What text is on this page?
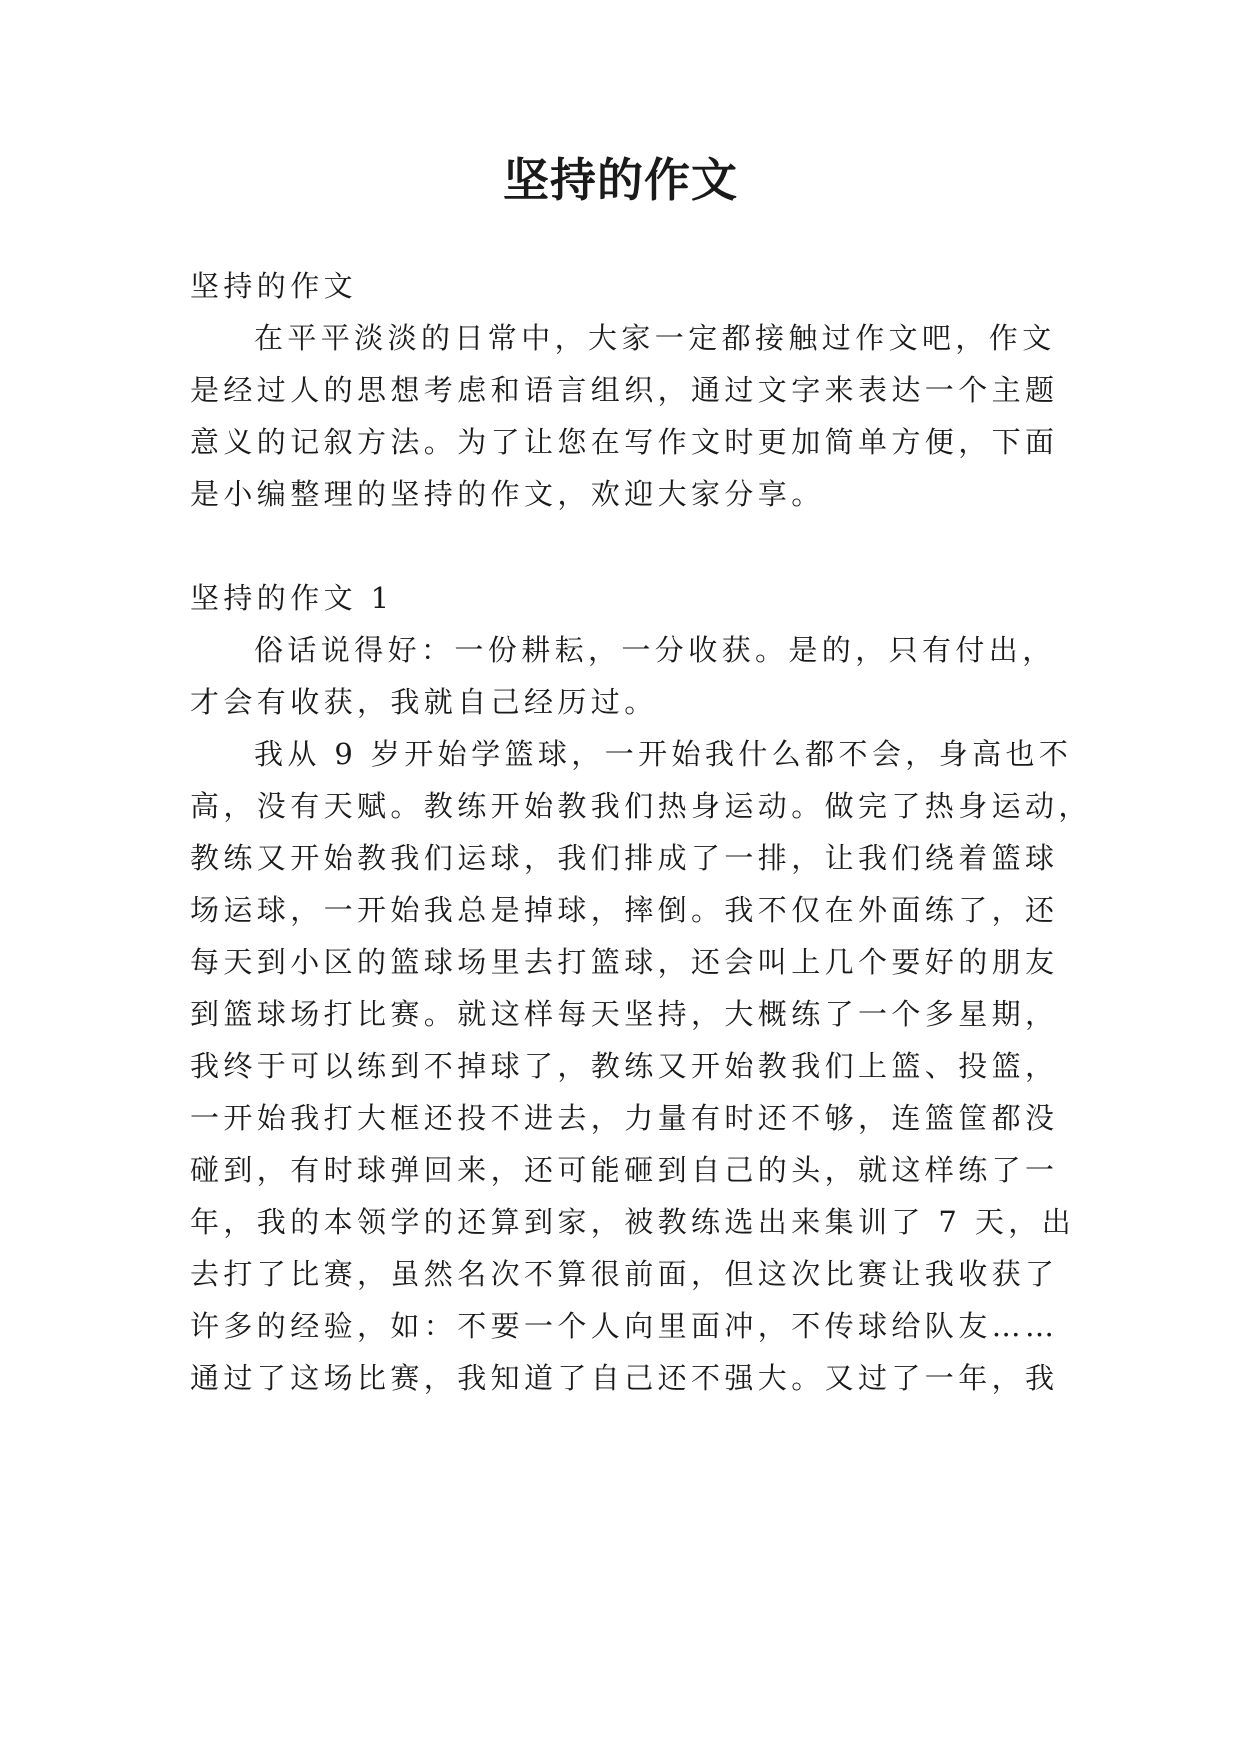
坚持的作文
坚持的作文
在平平淡淡的日常中，大家一定都接触过作文吧，作文
是经过人的思想考虑和语言组织，通过文字来表达一个主题
意义的记叙方法。为了让您在写作文时更加简单方便，下面
是小编整理的坚持的作文，欢迎大家分享。
坚持的作文 1
俗话说得好：一份耕耘，一分收获。是的，只有付出，
才会有收获，我就自己经历过。
我从 9 岁开始学篮球，一开始我什么都不会，身高也不
高，没有天赋。教练开始教我们热身运动。做完了热身运动，
教练又开始教我们运球，我们排成了一排，让我们绕着篮球
场运球，一开始我总是掉球，摔倒。我不仅在外面练了，还
每天到小区的篮球场里去打篮球，还会叫上几个要好的朋友
到篮球场打比赛。就这样每天坚持，大概练了一个多星期，
我终于可以练到不掉球了，教练又开始教我们上篮、投篮，
一开始我打大框还投不进去，力量有时还不够，连篮筐都没
碰到，有时球弹回来，还可能砸到自己的头，就这样练了一
年，我的本领学的还算到家，被教练选出来集训了 7 天，出
去打了比赛，虽然名次不算很前面，但这次比赛让我收获了
许多的经验，如：不要一个人向里面冲，不传球给队友……
通过了这场比赛，我知道了自己还不强大。又过了一年，我
